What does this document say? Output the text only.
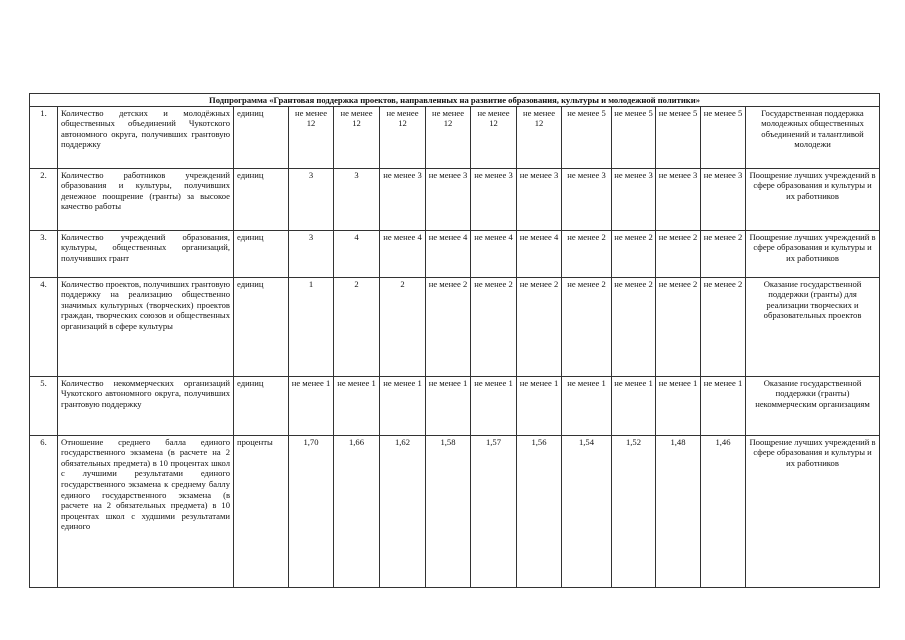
Подпрограмма «Грантовая поддержка проектов, направленных на развитие образования, культуры и молодежной политики»													
1.	Количество детских и молодёжных общественных объединений Чукотского автономного округа, получивших грантовую поддержку	единиц	не менее 12	не менее 12	не менее 12	не менее 12	не менее 12	не менее 12	не менее 5	не менее 5	не менее 5	не менее 5	Государственная поддержка молодежных общественных объединений и талантливой молодежи
2.	Количество работников учреждений образования и культуры, получивших денежное поощрение (гранты) за высокое качество работы	единиц	3	3	не менее 3	не менее 3	не менее 3	не менее 3	не менее 3	не менее 3	не менее 3	не менее 3	Поощрение лучших учреждений в сфере образования и культуры и их работников
3.	Количество учреждений образования, культуры, общественных организаций, получивших грант	единиц	3	4	не менее 4	не менее 4	не менее 4	не менее 4	не менее 2	не менее 2	не менее 2	не менее 2	Поощрение лучших учреждений в сфере образования и культуры и их работников
4.	Количество проектов, получивших грантовую поддержку на реализацию общественно значимых культурных (творческих) проектов граждан, творческих союзов и общественных организаций в сфере культуры	единиц	1	2	2	не менее 2	не менее 2	не менее 2	не менее 2	не менее 2	не менее 2	не менее 2	Оказание государственной поддержки (гранты) для реализации творческих и образовательных проектов
5.	Количество некоммерческих организаций Чукотского автономного округа, получивших грантовую поддержку	единиц	не менее 1	не менее 1	не менее 1	не менее 1	не менее 1	не менее 1	не менее 1	не менее 1	не менее 1	не менее 1	Оказание государственной поддержки (гранты) некоммерческим организациям

6.	Отношение среднего балла единого государственного экзамена (в расчете на 2 обязательных предмета) в 10 процентах школ с лучшими результатами единого государственного экзамена к среднему баллу единого государственного экзамена (в расчете на 2 обязательных предмета) в 10 процентах школ с худшими результатами единого	проценты	1,70	1,66	1,62	1,58	1,57	1,56	1,54	1,52	1,48	1,46	Поощрение лучших учреждений в сфере образования и культуры и их работников
